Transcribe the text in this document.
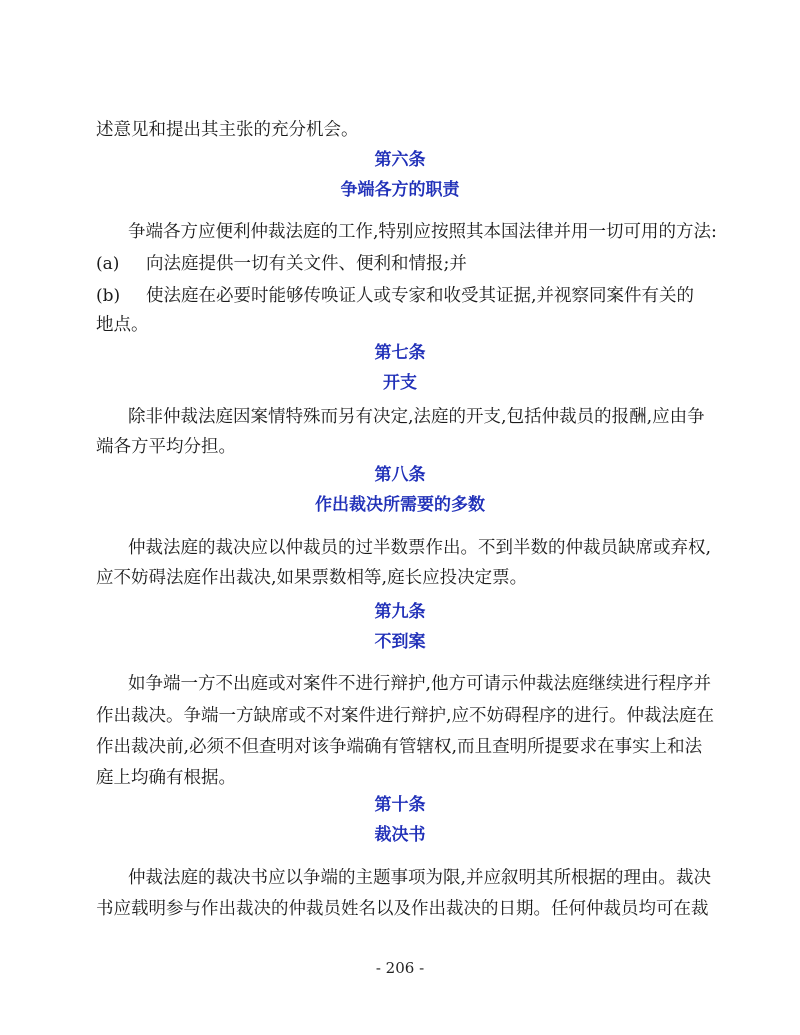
述意见和提出其主张的充分机会。
第六条
争端各方的职责
争端各方应便利仲裁法庭的工作,特别应按照其本国法律并用一切可用的方法:
(a) 向法庭提供一切有关文件、便利和情报;并
(b) 使法庭在必要时能够传唤证人或专家和收受其证据,并视察同案件有关的
地点。
第七条
开支
除非仲裁法庭因案情特殊而另有决定,法庭的开支,包括仲裁员的报酬,应由争
端各方平均分担。
第八条
作出裁决所需要的多数
仲裁法庭的裁决应以仲裁员的过半数票作出。不到半数的仲裁员缺席或弃权,
应不妨碍法庭作出裁决,如果票数相等,庭长应投决定票。
第九条
不到案
如争端一方不出庭或对案件不进行辩护,他方可请示仲裁法庭继续进行程序并
作出裁决。争端一方缺席或不对案件进行辩护,应不妨碍程序的进行。仲裁法庭在
作出裁决前,必须不但查明对该争端确有管辖权,而且查明所提要求在事实上和法
庭上均确有根据。
第十条
裁决书
仲裁法庭的裁决书应以争端的主题事项为限,并应叙明其所根据的理由。裁决
书应载明参与作出裁决的仲裁员姓名以及作出裁决的日期。任何仲裁员均可在裁
- 206 -
